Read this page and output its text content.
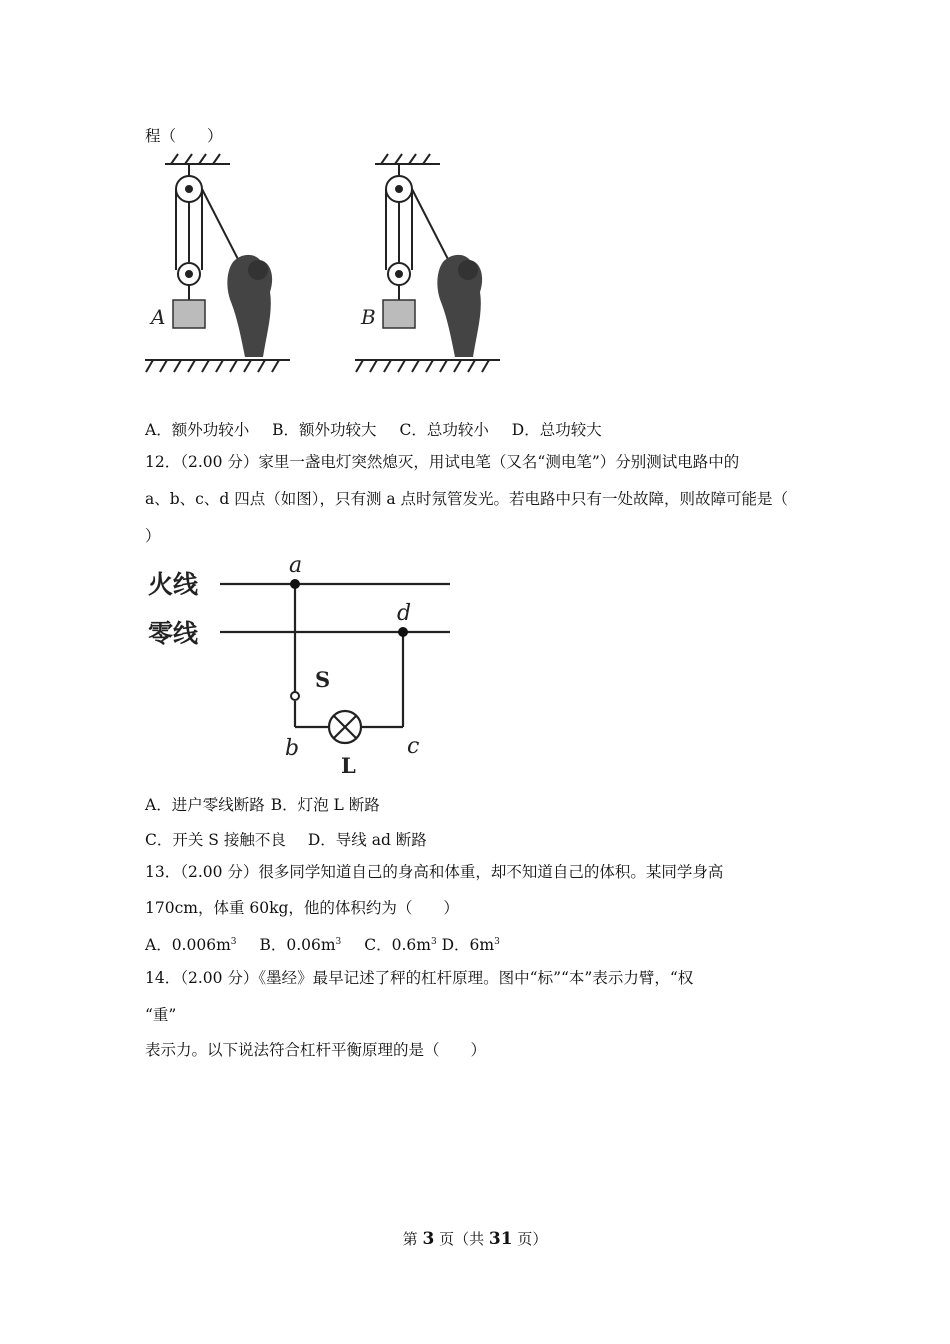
程（　　）
A	B
A．额外功较小 B．额外功较大 C．总功较小 D．总功较大
12．（2.00 分）家里一盏电灯突然熄灭，用试电笔（又名“测电笔”）分别测试电路中的
a、b、c、d 四点（如图），只有测 a 点时氖管发光。若电路中只有一处故障，则故障可能是（
）
火线
零线
a
d
S
b	c
L
A．进户零线断路 B．灯泡 L 断路
C．开关 S 接触不良 D．导线 ad 断路
13．（2.00 分）很多同学知道自己的身高和体重，却不知道自己的体积。某同学身高
170cm，体重 60kg，他的体积约为（　　）
A．$0.006m^3$ B．$0.06m^3$ C．$0.6m^3$ D．$6m^3$
14．（2.00 分）《墨经》最早记述了秤的杠杆原理。图中“标”“本”表示力臂，“权
“重”
表示力。以下说法符合杠杆平衡原理的是（　　）
第 3 页（共 31 页）
